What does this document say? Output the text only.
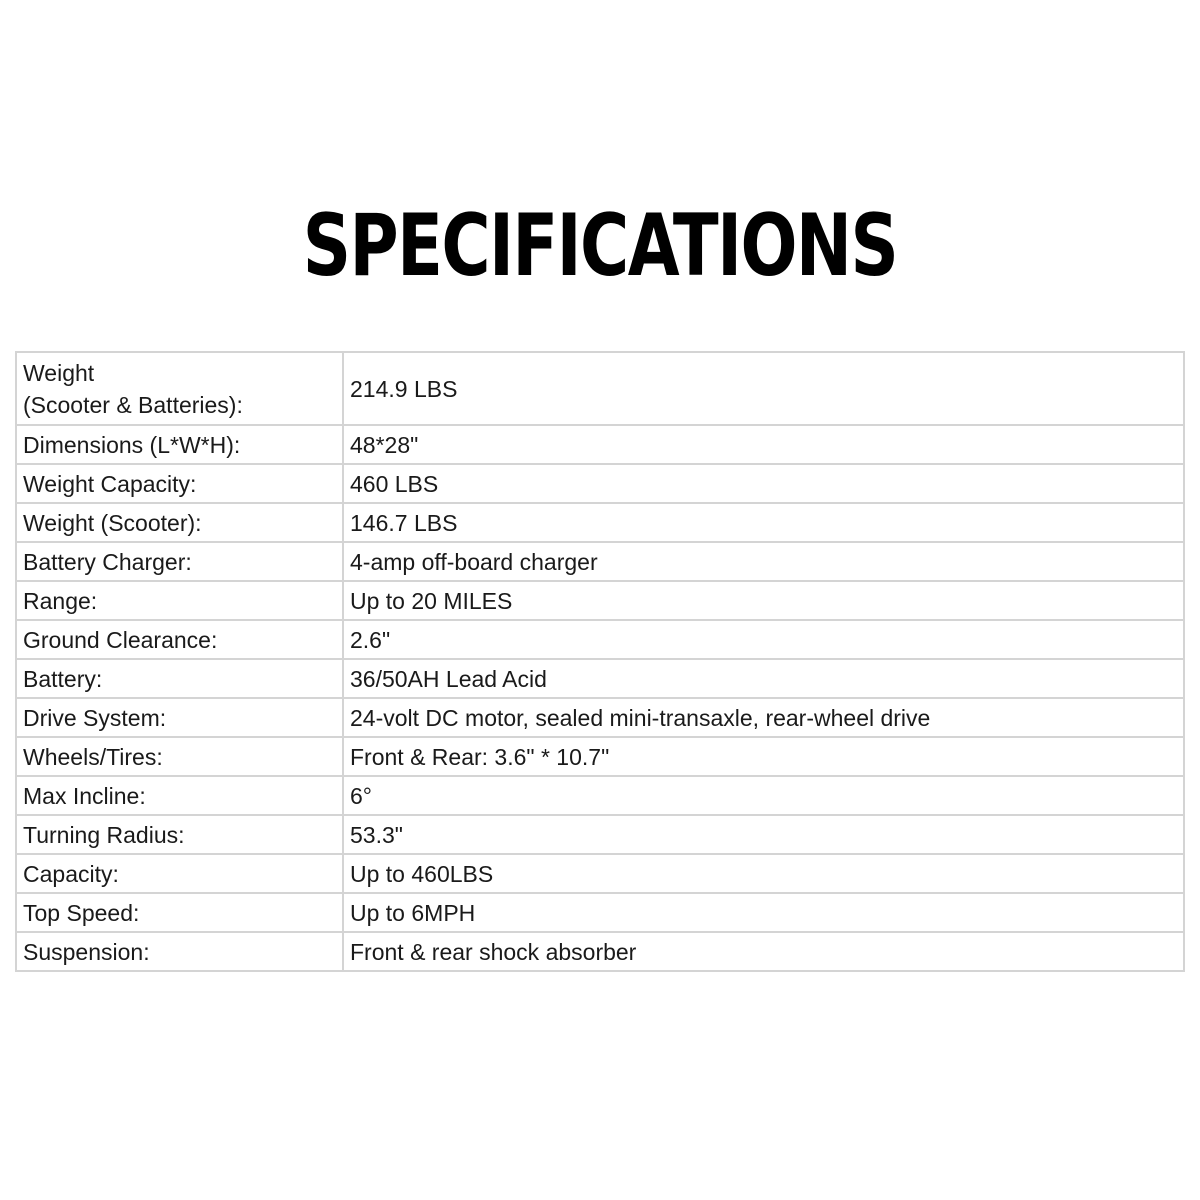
SPECIFICATIONS
Weight
(Scooter & Batteries):	214.9 LBS
Dimensions (L*W*H):	48*28"
Weight Capacity:	460 LBS
Weight (Scooter):	146.7 LBS
Battery Charger:	4-amp off-board charger
Range:	Up to 20 MILES
Ground Clearance:	2.6"
Battery:	36/50AH Lead Acid
Drive System:	24-volt DC motor, sealed mini-transaxle, rear-wheel drive
Wheels/Tires:	Front & Rear: 3.6" * 10.7"
Max Incline:	6°
Turning Radius:	53.3"
Capacity:	Up to 460LBS
Top Speed:	Up to 6MPH
Suspension:	Front & rear shock absorber
